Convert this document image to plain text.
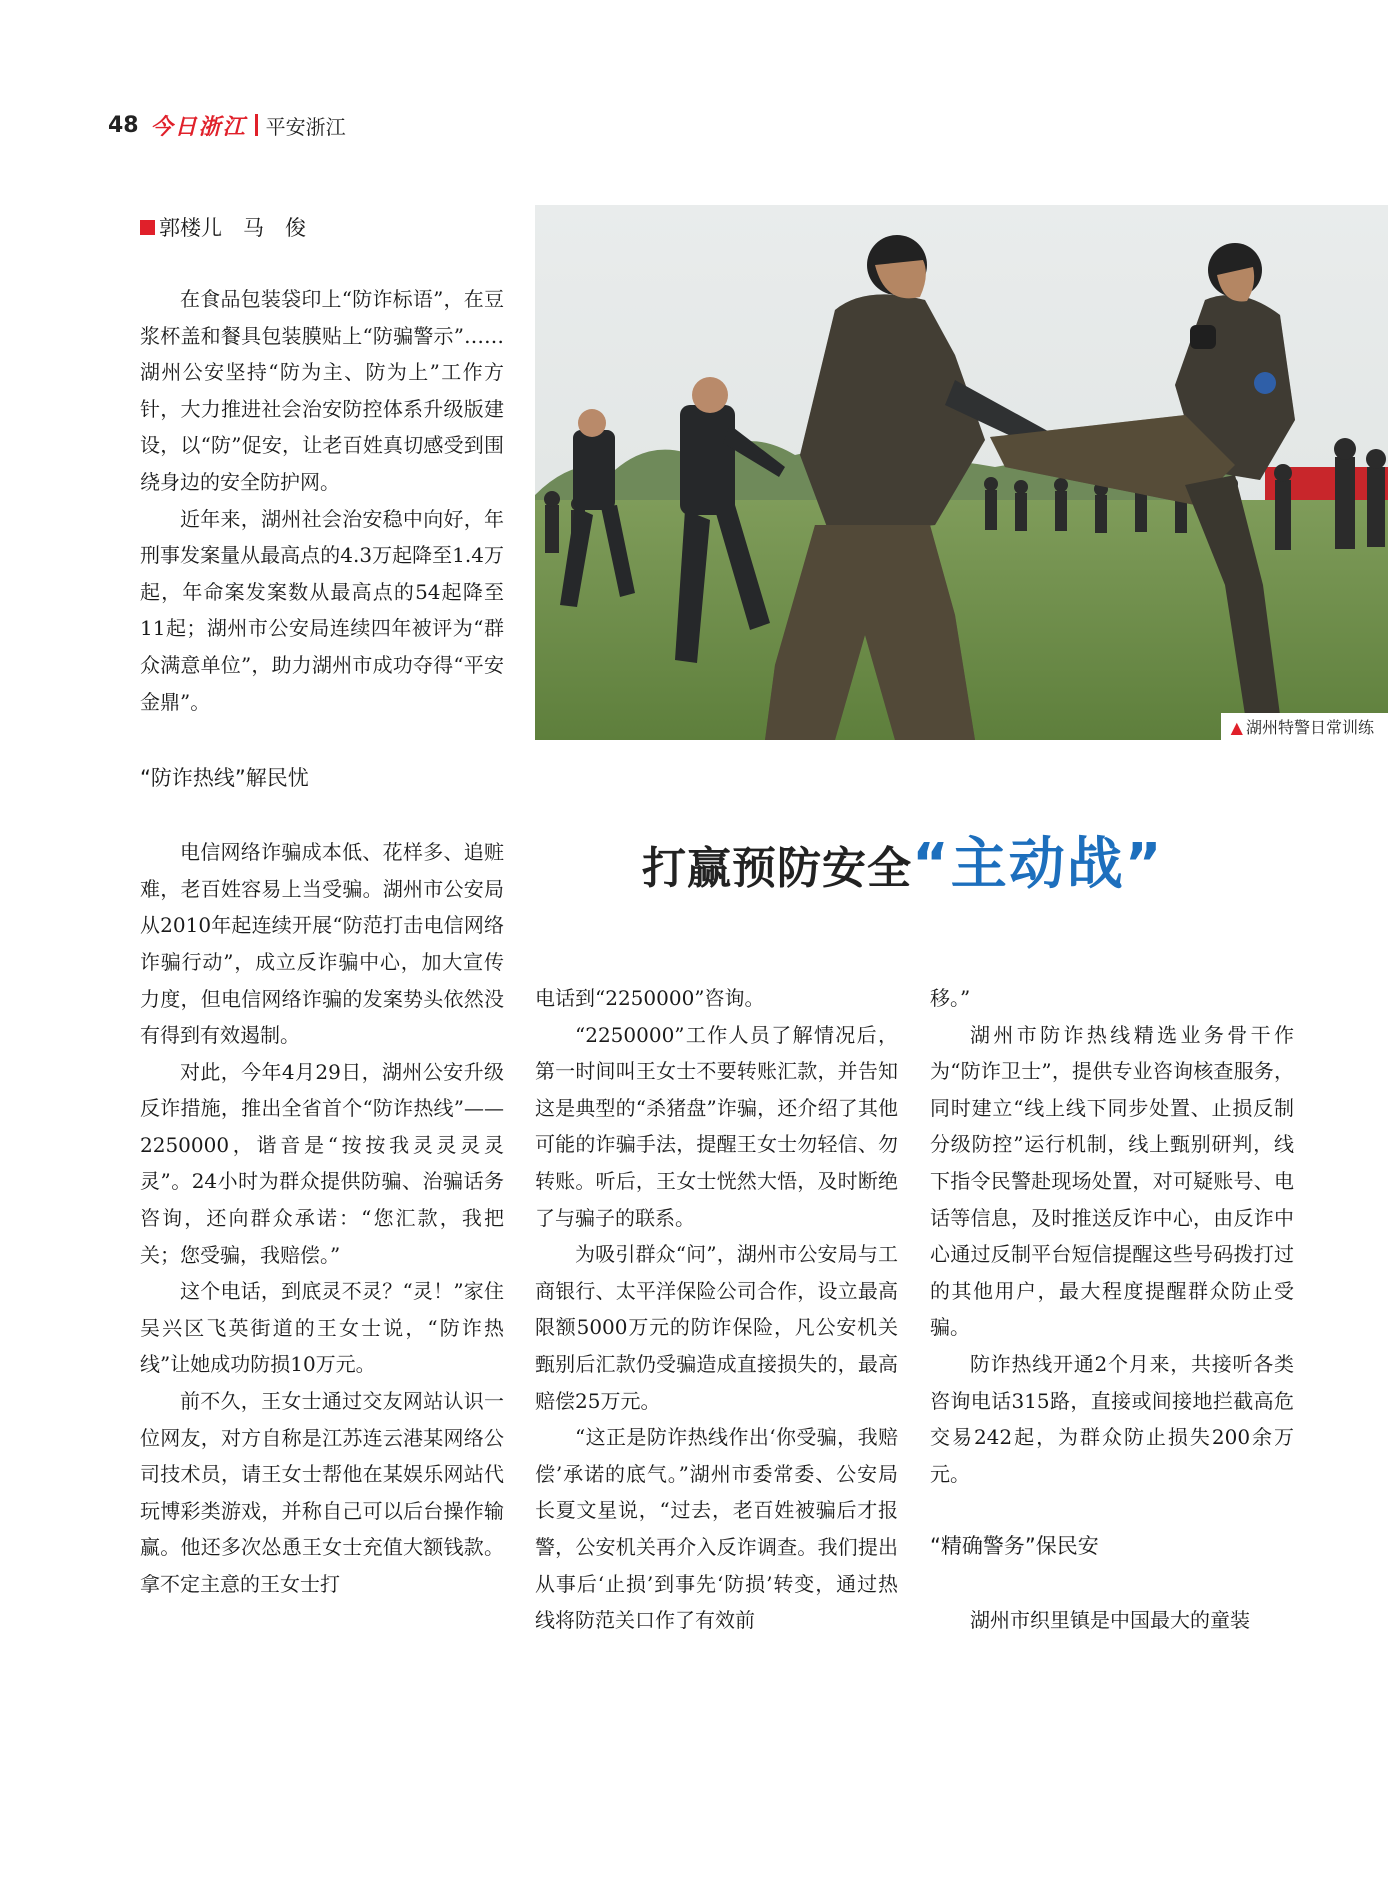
48 今日浙江 平安浙江
郭楼儿　马　俊

在食品包装袋印上“防诈标语”，在豆浆杯盖和餐具包装膜贴上“防骗警示”……湖州公安坚持“防为主、防为上”工作方针，大力推进社会治安防控体系升级版建设，以“防”促安，让老百姓真切感受到围绕身边的安全防护网。

近年来，湖州社会治安稳中向好，年刑事发案量从最高点的4.3万起降至1.4万起，年命案发案数从最高点的54起降至11起；湖州市公安局连续四年被评为“群众满意单位”，助力湖州市成功夺得“平安金鼎”。

“防诈热线”解民忧

电信网络诈骗成本低、花样多、追赃难，老百姓容易上当受骗。湖州市公安局从2010年起连续开展“防范打击电信网络诈骗行动”，成立反诈骗中心，加大宣传力度，但电信网络诈骗的发案势头依然没有得到有效遏制。

对此，今年4月29日，湖州公安升级反诈措施，推出全省首个“防诈热线”——2250000，谐音是“按按我灵灵灵灵灵”。24小时为群众提供防骗、治骗话务咨询，还向群众承诺：“您汇款，我把关；您受骗，我赔偿。”

这个电话，到底灵不灵？“灵！”家住吴兴区飞英街道的王女士说，“防诈热线”让她成功防损10万元。

前不久，王女士通过交友网站认识一位网友，对方自称是江苏连云港某网络公司技术员，请王女士帮他在某娱乐网站代玩博彩类游戏，并称自己可以后台操作输赢。他还多次怂恿王女士充值大额钱款。拿不定主意的王女士打

▲ 湖州特警日常训练
打赢预防安全 “主动战”

电话到“2250000”咨询。

“2250000”工作人员了解情况后，第一时间叫王女士不要转账汇款，并告知这是典型的“杀猪盘”诈骗，还介绍了其他可能的诈骗手法，提醒王女士勿轻信、勿转账。听后，王女士恍然大悟，及时断绝了与骗子的联系。

为吸引群众“问”，湖州市公安局与工商银行、太平洋保险公司合作，设立最高限额5000万元的防诈保险，凡公安机关甄别后汇款仍受骗造成直接损失的，最高赔偿25万元。

“这正是防诈热线作出‘你受骗，我赔偿’承诺的底气。”湖州市委常委、公安局长夏文星说，“过去，老百姓被骗后才报警，公安机关再介入反诈调查。我们提出从事后‘止损’到事先‘防损’转变，通过热线将防范关口作了有效前

移。”

湖州市防诈热线精选业务骨干作为“防诈卫士”，提供专业咨询核查服务，同时建立“线上线下同步处置、止损反制分级防控”运行机制，线上甄别研判，线下指令民警赴现场处置，对可疑账号、电话等信息，及时推送反诈中心，由反诈中心通过反制平台短信提醒这些号码拨打过的其他用户，最大程度提醒群众防止受骗。

防诈热线开通2个月来，共接听各类咨询电话315路，直接或间接地拦截高危交易242起，为群众防止损失200余万元。

“精确警务”保民安

湖州市织里镇是中国最大的童装
